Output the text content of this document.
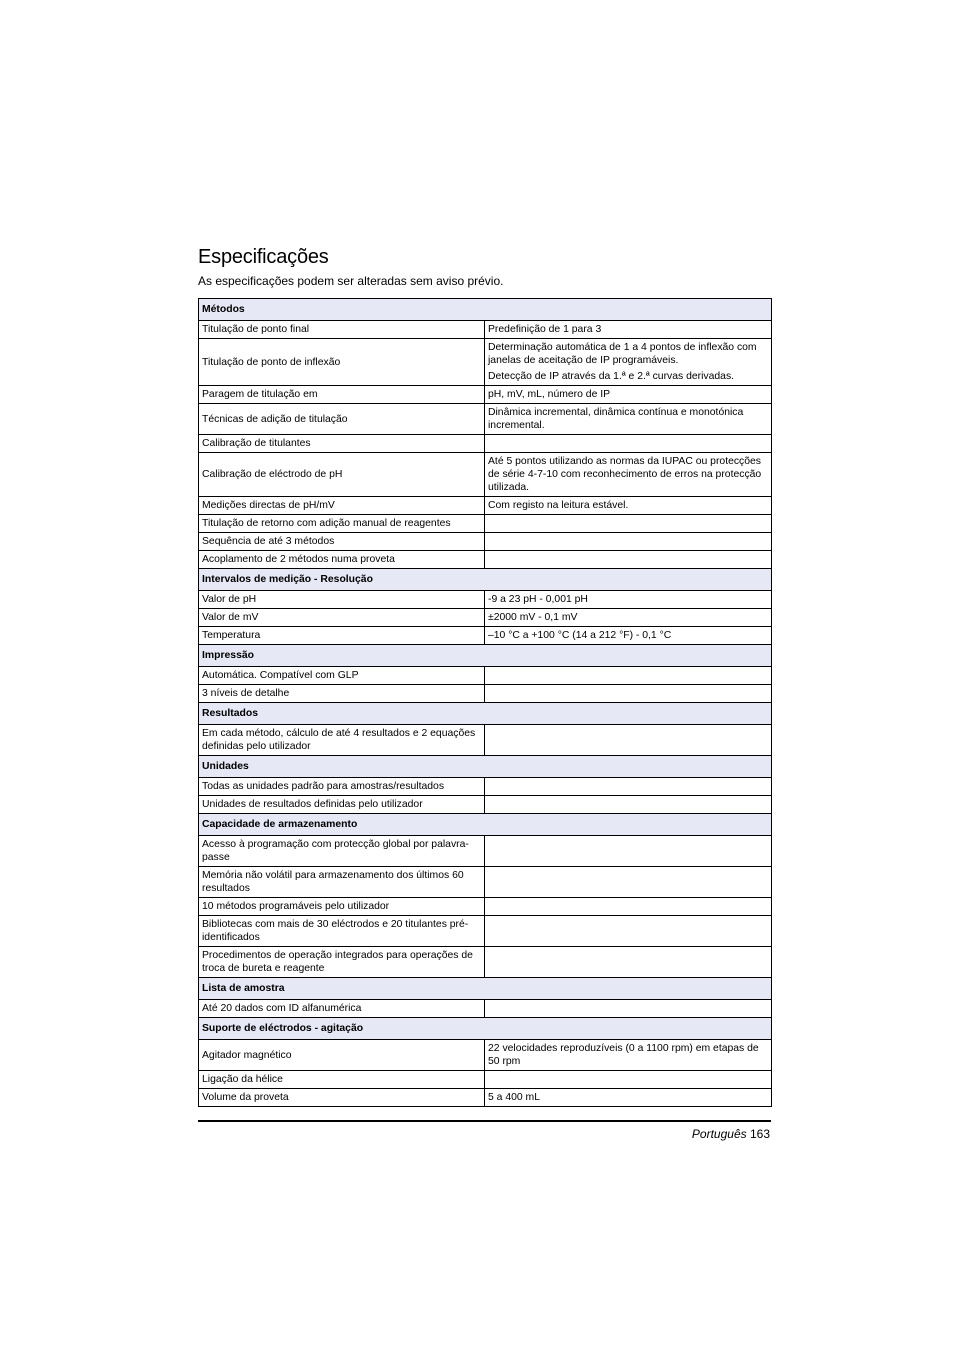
Especificações

As especificações podem ser alteradas sem aviso prévio.

Métodos	
Titulação de ponto final	Predefinição de 1 para 3

Titulação de ponto de inflexão	Determinação automática de 1 a 4 pontos de inflexão com janelas de aceitação de IP programáveis.

Detecção de IP através da 1.ª e 2.ª curvas derivadas.

Paragem de titulação em	pH, mV, mL, número de IP

Técnicas de adição de titulação	Dinâmica incremental, dinâmica contínua e monotónica incremental.

Calibração de titulantes	

Calibração de eléctrodo de pH	Até 5 pontos utilizando as normas da IUPAC ou protecções de série 4-7-10 com reconhecimento de erros na protecção utilizada.

Medições directas de pH/mV	Com registo na leitura estável.

Titulação de retorno com adição manual de reagentes	

Sequência de até 3 métodos	

Acoplamento de 2 métodos numa proveta	

Intervalos de medição - Resolução	
Valor de pH	-9 a 23 pH - 0,001 pH

Valor de mV	±2000 mV - 0,1 mV

Temperatura	–10 °C a +100 °C (14 a 212 °F) - 0,1 °C

Impressão	
Automática. Compatível com GLP	

3 níveis de detalhe	

Resultados	
Em cada método, cálculo de até 4 resultados e 2 equações definidas pelo utilizador	

Unidades	
Todas as unidades padrão para amostras/resultados	

Unidades de resultados definidas pelo utilizador	

Capacidade de armazenamento	
Acesso à programação com protecção global por palavra-passe	

Memória não volátil para armazenamento dos últimos 60 resultados	

10 métodos programáveis pelo utilizador	

Bibliotecas com mais de 30 eléctrodos e 20 titulantes pré-identificados	

Procedimentos de operação integrados para operações de troca de bureta e reagente	

Lista de amostra	
Até 20 dados com ID alfanumérica	

Suporte de eléctrodos - agitação	
Agitador magnético	22 velocidades reproduzíveis (0 a 1100 rpm) em etapas de 50 rpm

Ligação da hélice	

Volume da proveta	5 a 400 mL

Português 163
